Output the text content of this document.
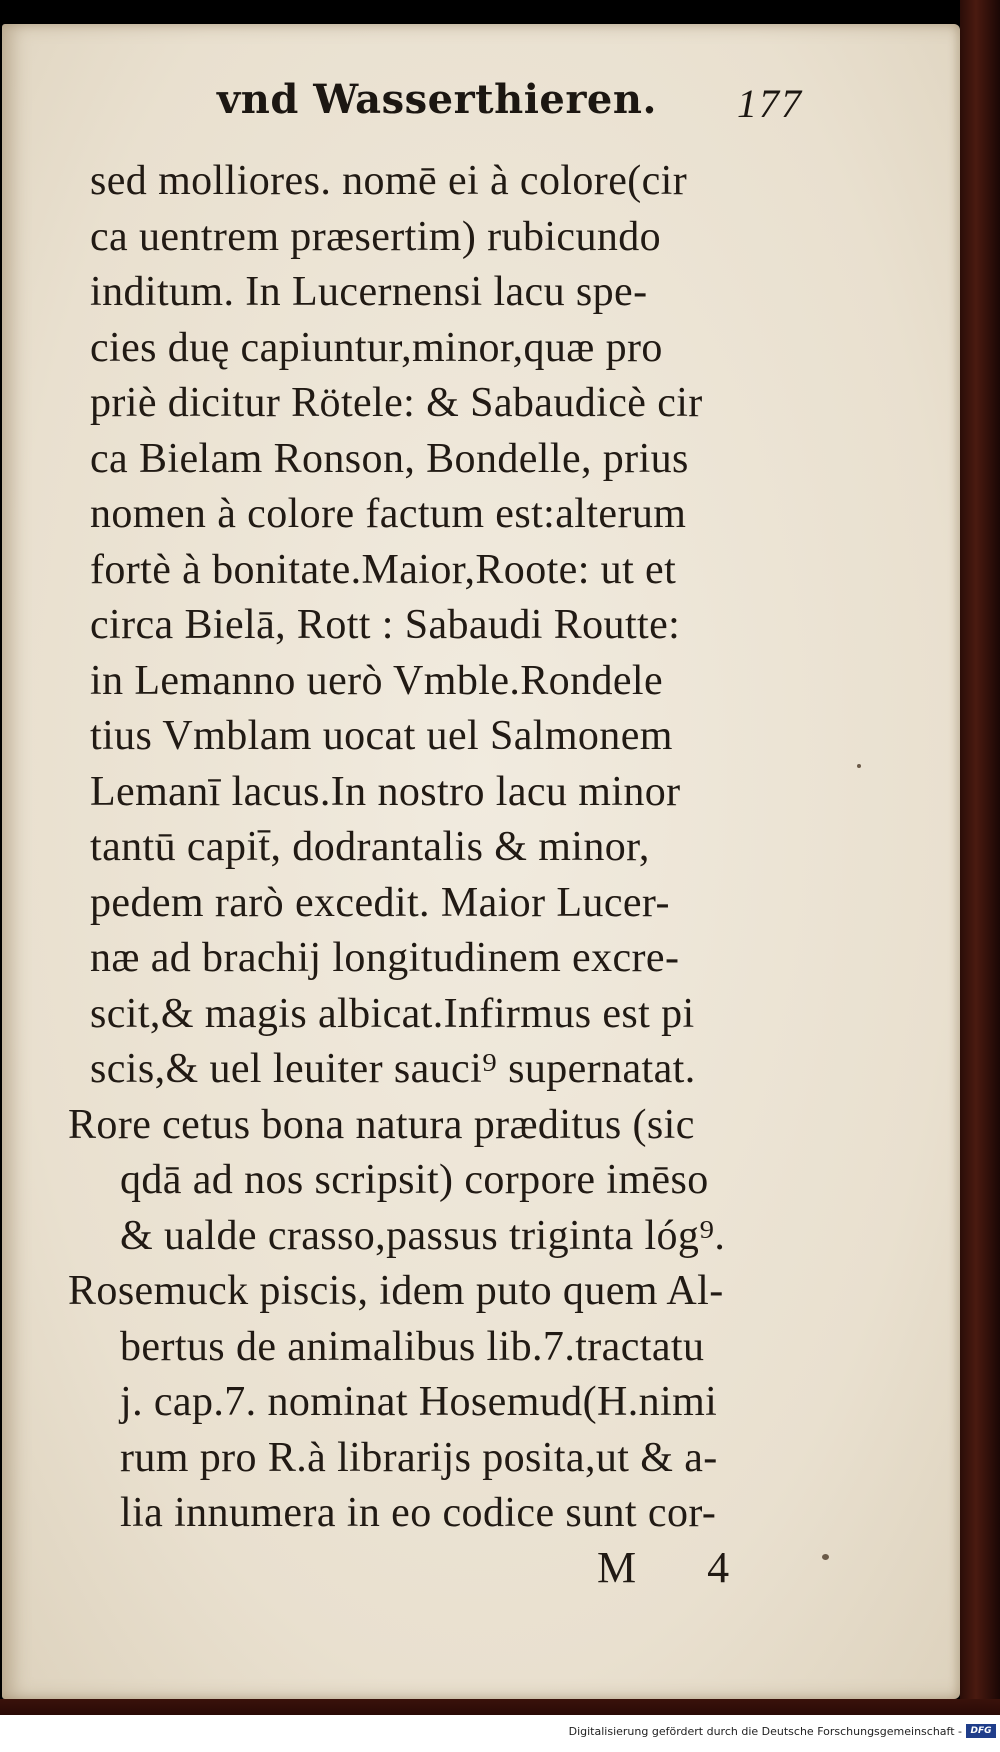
vnd Wasserthieren. 177
sed molliores. nomē ei à colore(cir
ca uentrem præsertim) rubicundo
inditum. In Lucernensi lacu spe-
cies duę capiuntur,minor,quæ pro
priè dicitur Rötele: & Sabaudicè cir
ca Bielam Ronson, Bondelle, prius
nomen à colore factum est:alterum
fortè à bonitate.Maior,Roote: ut et
circa Bielā, Rott : Sabaudi Routte:
in Lemanno uerò Vmble.Rondele
tius Vmblam uocat uel Salmonem
Lemanī lacus.In nostro lacu minor
tantū capit̄, dodrantalis & minor,
pedem rarò excedit. Maior Lucer-
næ ad brachij longitudinem excre-
scit,& magis albicat.Infirmus est pi
scis,& uel leuiter sauci⁹ supernatat.
Rore cetus bona natura præditus (sic
qdā ad nos scripsit) corpore imēso
& ualde crasso,passus triginta lóg⁹.
Rosemuck piscis, idem puto quem Al-
bertus de animalibus lib.7.tractatu
j. cap.7. nominat Hosemud(H.nimi
rum pro R.à librarijs posita,ut & a-
lia innumera in eo codice sunt cor-
M 4
Digitalisierung gefördert durch die Deutsche Forschungsgemeinschaft - DFG
